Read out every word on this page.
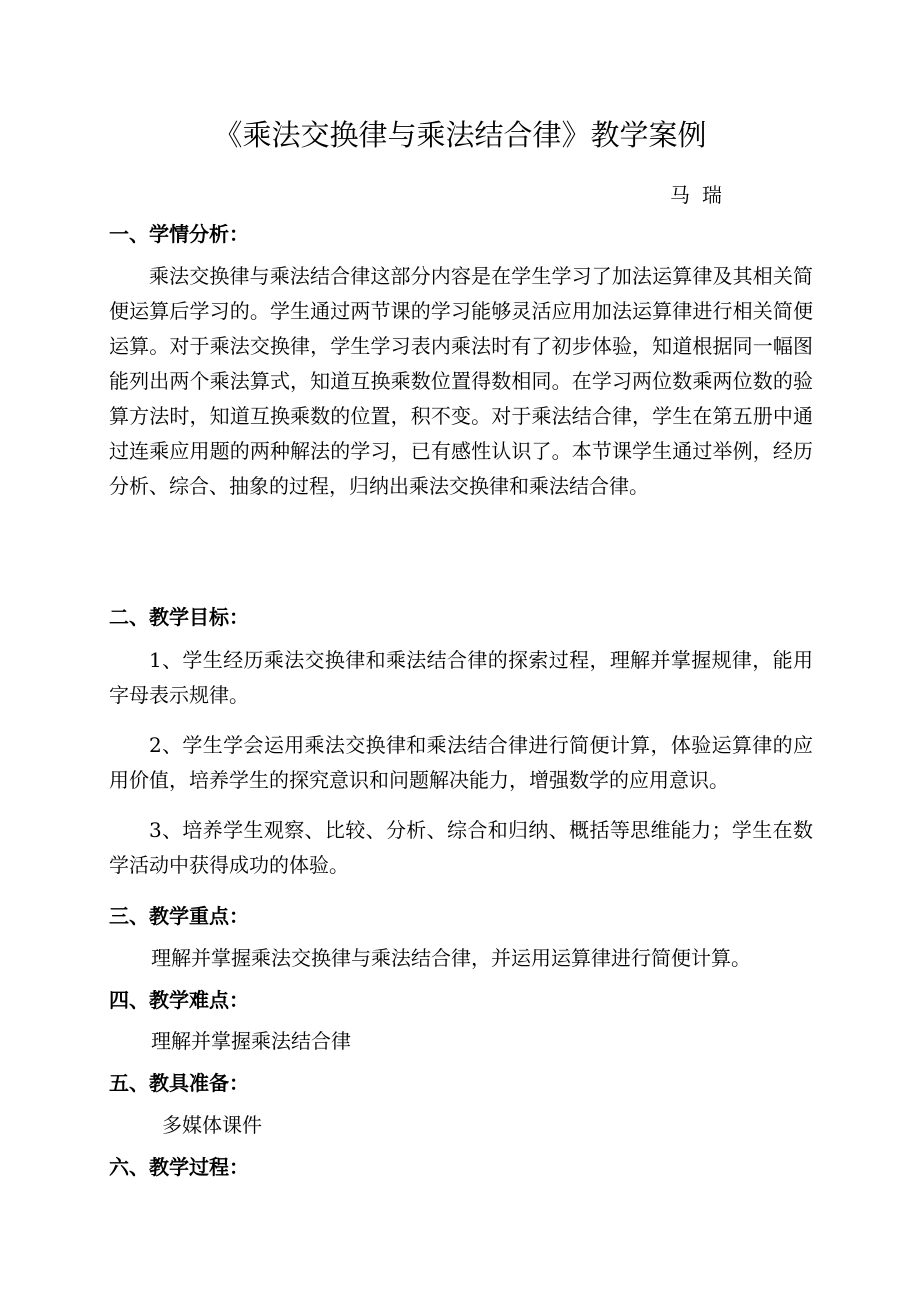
《乘法交换律与乘法结合律》教学案例
马瑞
一、学情分析：
乘法交换律与乘法结合律这部分内容是在学生学习了加法运算律及其相关简便运算后学习的。学生通过两节课的学习能够灵活应用加法运算律进行相关简便运算。对于乘法交换律，学生学习表内乘法时有了初步体验，知道根据同一幅图能列出两个乘法算式，知道互换乘数位置得数相同。在学习两位数乘两位数的验算方法时，知道互换乘数的位置，积不变。对于乘法结合律，学生在第五册中通过连乘应用题的两种解法的学习，已有感性认识了。本节课学生通过举例，经历分析、综合、抽象的过程，归纳出乘法交换律和乘法结合律。
二、教学目标：
1、学生经历乘法交换律和乘法结合律的探索过程，理解并掌握规律，能用字母表示规律。
2、学生学会运用乘法交换律和乘法结合律进行简便计算，体验运算律的应用价值，培养学生的探究意识和问题解决能力，增强数学的应用意识。
3、培养学生观察、比较、分析、综合和归纳、概括等思维能力；学生在数学活动中获得成功的体验。
三、教学重点：
理解并掌握乘法交换律与乘法结合律，并运用运算律进行简便计算。
四、教学难点：
理解并掌握乘法结合律
五、教具准备：
多媒体课件
六、教学过程：
